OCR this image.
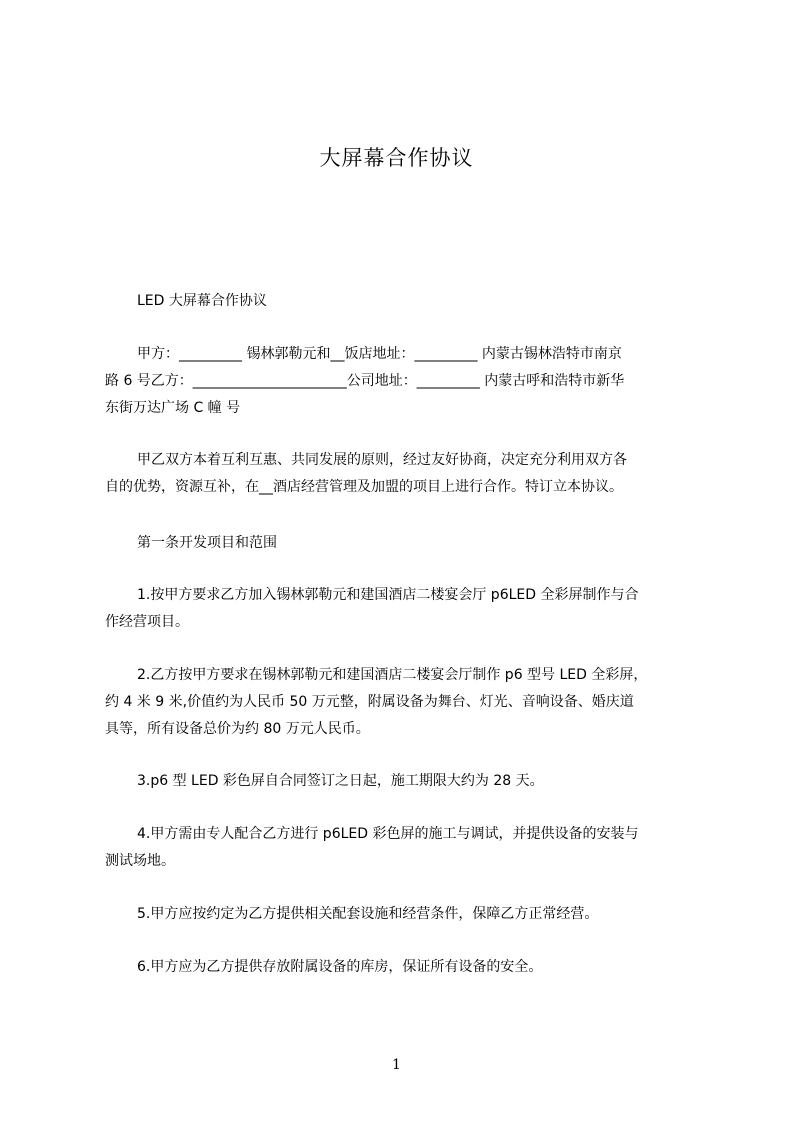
大屏幕合作协议
LED 大屏幕合作协议
甲方：_________ 锡林郭勒元和__饭店地址：_________ 内蒙古锡林浩特市南京
路 6 号乙方：______________________公司地址：_________ 内蒙古呼和浩特市新华
东街万达广场 C 幢 号
甲乙双方本着互利互惠、共同发展的原则，经过友好协商，决定充分利用双方各
自的优势，资源互补，在__酒店经营管理及加盟的项目上进行合作。特订立本协议。
第一条开发项目和范围
1.按甲方要求乙方加入锡林郭勒元和建国酒店二楼宴会厅 p6LED 全彩屏制作与合
作经营项目。
2.乙方按甲方要求在锡林郭勒元和建国酒店二楼宴会厅制作 p6 型号 LED 全彩屏，
约 4 米 9 米,价值约为人民币 50 万元整，附属设备为舞台、灯光、音响设备、婚庆道
具等，所有设备总价为约 80 万元人民币。
3.p6 型 LED 彩色屏自合同签订之日起，施工期限大约为 28 天。
4.甲方需由专人配合乙方进行 p6LED 彩色屏的施工与调试，并提供设备的安装与
测试场地。
5.甲方应按约定为乙方提供相关配套设施和经营条件，保障乙方正常经营。
6.甲方应为乙方提供存放附属设备的库房，保证所有设备的安全。
1
